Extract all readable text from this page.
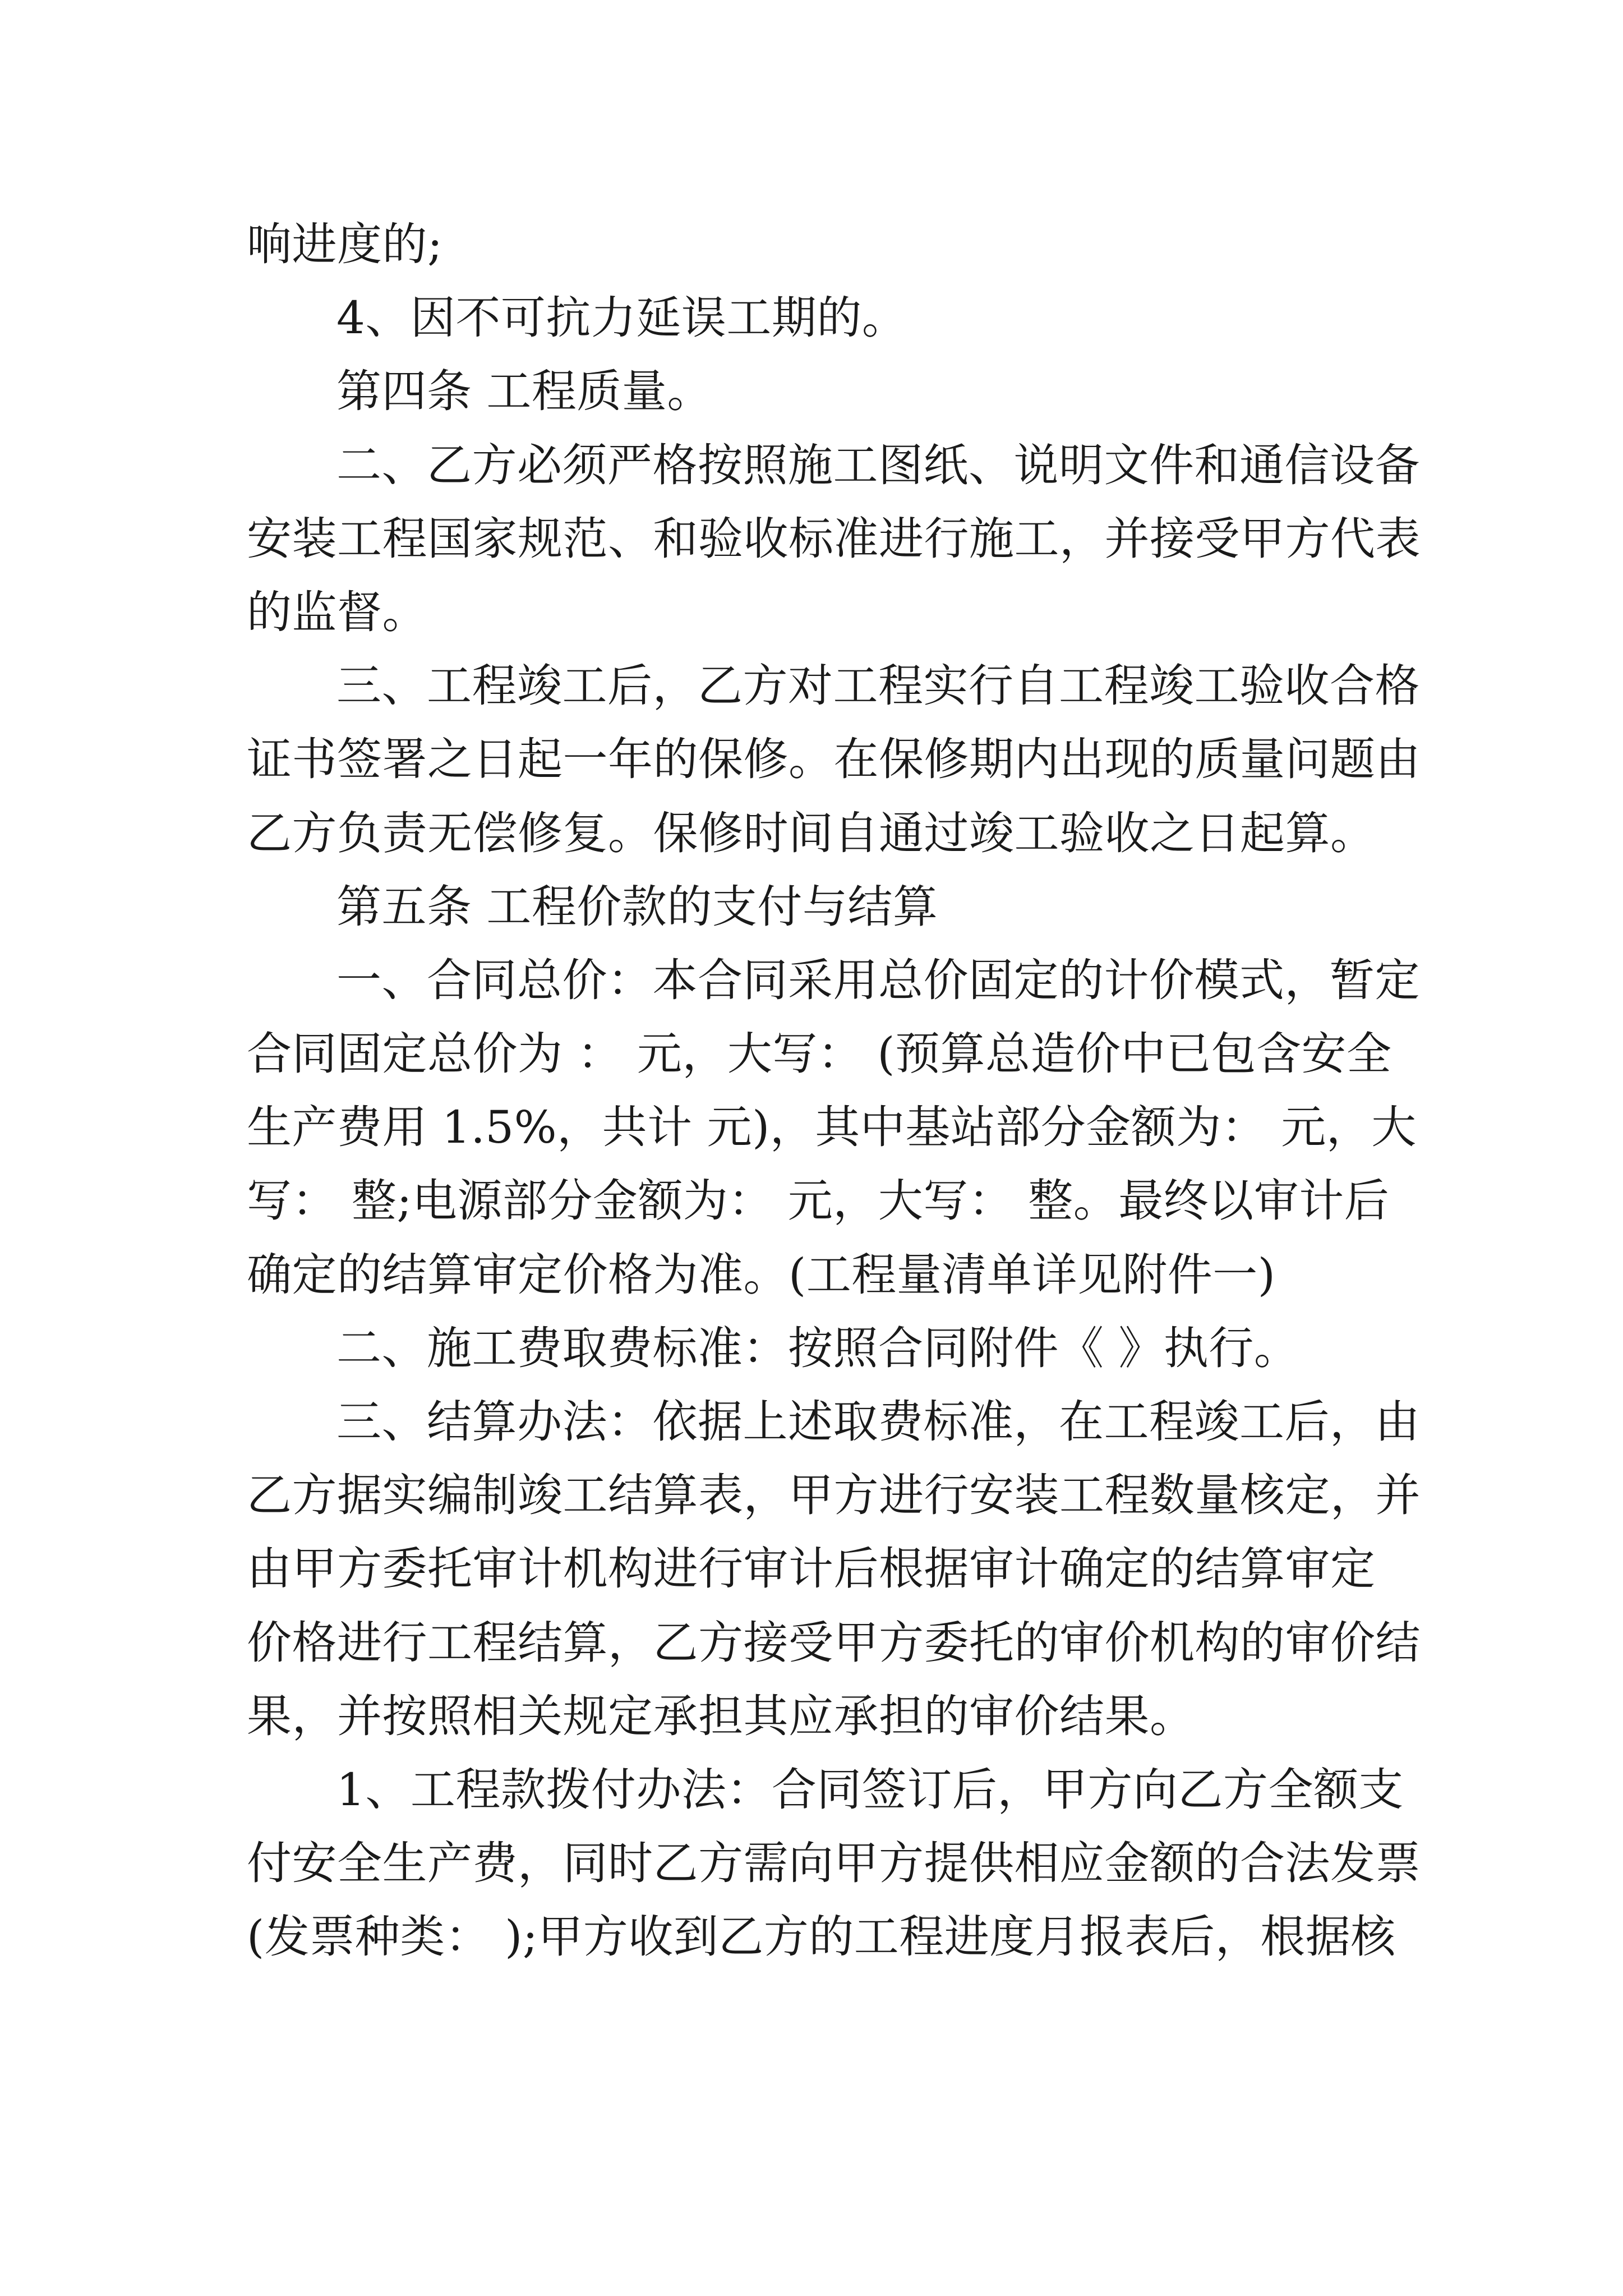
响进度的;
4、因不可抗力延误工期的。
第四条 工程质量。
二、乙方必须严格按照施工图纸、说明文件和通信设备
安装工程国家规范、和验收标准进行施工，并接受甲方代表
的监督。
三、工程竣工后，乙方对工程实行自工程竣工验收合格
证书签署之日起一年的保修。在保修期内出现的质量问题由
乙方负责无偿修复。保修时间自通过竣工验收之日起算。
第五条 工程价款的支付与结算
一、合同总价：本合同采用总价固定的计价模式，暂定
合同固定总价为 ： 元，大写： (预算总造价中已包含安全
生产费用 1.5%，共计 元)，其中基站部分金额为： 元，大
写： 整;电源部分金额为： 元，大写： 整。最终以审计后
确定的结算审定价格为准。(工程量清单详见附件一)
二、施工费取费标准：按照合同附件《 》执行。
三、结算办法：依据上述取费标准，在工程竣工后，由
乙方据实编制竣工结算表，甲方进行安装工程数量核定，并
由甲方委托审计机构进行审计后根据审计确定的结算审定
价格进行工程结算，乙方接受甲方委托的审价机构的审价结
果，并按照相关规定承担其应承担的审价结果。
1、工程款拨付办法：合同签订后，甲方向乙方全额支
付安全生产费，同时乙方需向甲方提供相应金额的合法发票
(发票种类： );甲方收到乙方的工程进度月报表后，根据核
